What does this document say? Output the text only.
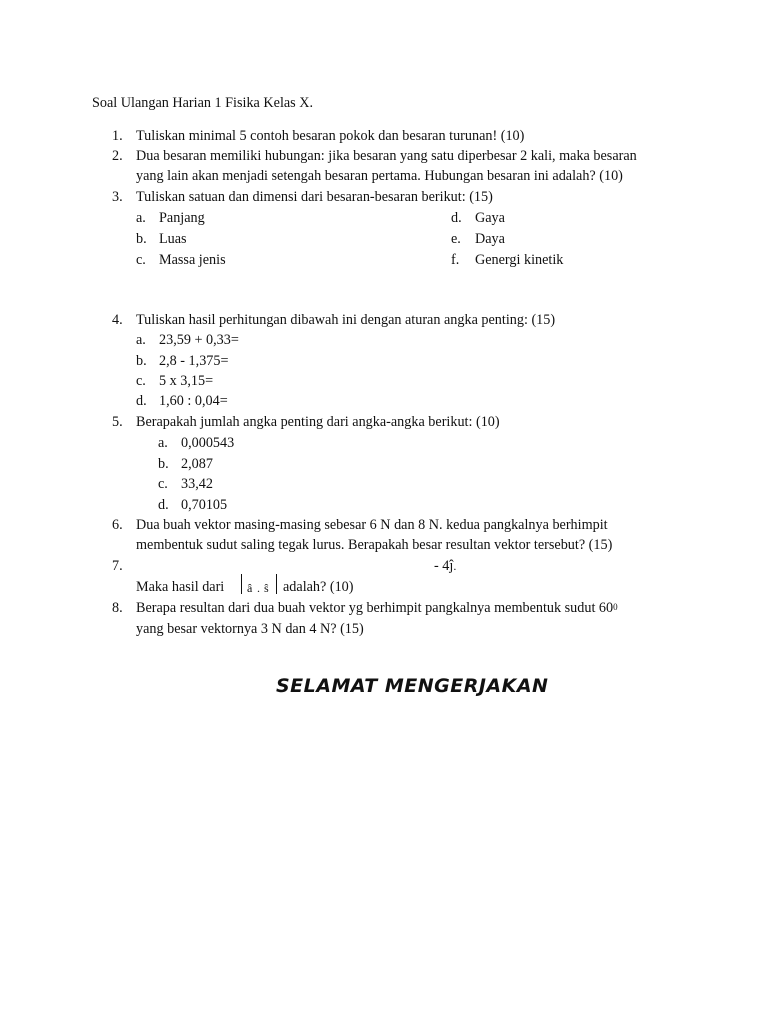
Soal Ulangan Harian 1 Fisika Kelas X.
1. Tuliskan minimal 5 contoh besaran pokok dan besaran turunan! (10)
2. Dua besaran memiliki hubungan: jika besaran yang satu diperbesar 2 kali, maka besaran
yang lain akan menjadi setengah besaran pertama. Hubungan besaran ini adalah? (10)
3. Tuliskan satuan dan dimensi dari besaran-besaran berikut: (15)
a. Panjang
b. Luas
c. Massa jenis
d. Gaya
e. Daya
f. Genergi kinetik
4. Tuliskan hasil perhitungan dibawah ini dengan aturan angka penting: (15)
a. 23,59 + 0,33=
b. 2,8 - 1,375=
c. 5 x 3,15=
d. 1,60 : 0,04=
5. Berapakah jumlah angka penting dari angka-angka berikut: (10)
a. 0,000543
b. 2,087
c. 33,42
d. 0,70105
6. Dua buah vektor masing-masing sebesar 6 N dan 8 N. kedua pangkalnya berhimpit
membentuk sudut saling tegak lurus. Berapakah besar resultan vektor tersebut? (15)
7.	- 4ĵ.
Maka hasil dari â . ŝ adalah? (10)
8. Berapa resultan dari dua buah vektor yg berhimpit pangkalnya membentuk sudut $60^0$
yang besar vektornya 3 N dan 4 N? (15)
SELAMAT MENGERJAKAN
